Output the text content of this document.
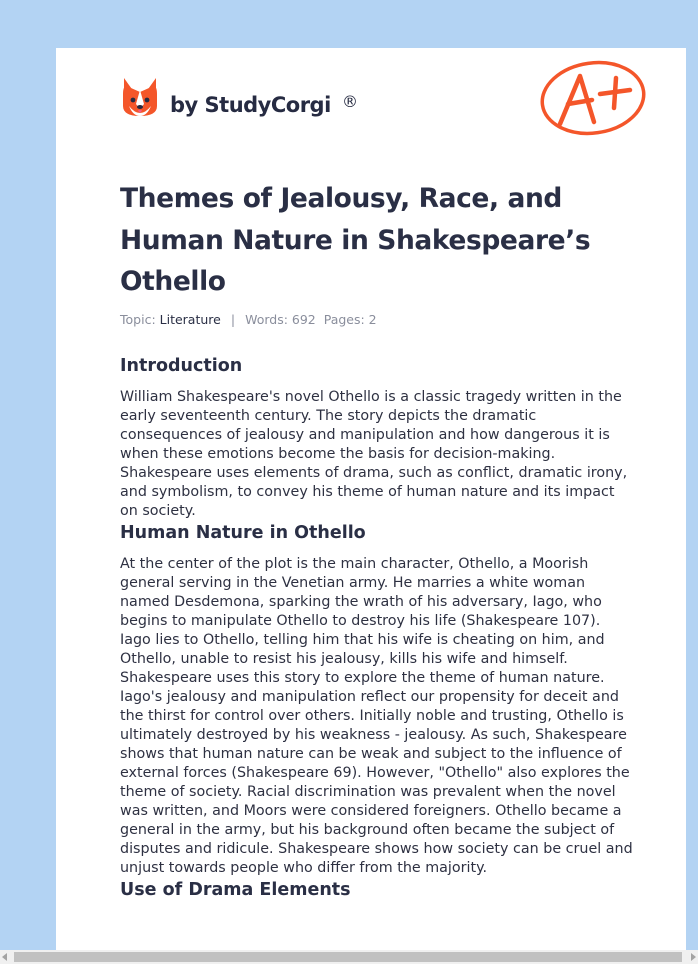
by StudyCorgi ®
Themes of Jealousy, Race, and Human Nature in Shakespeare’s Othello
Topic: Literature | Words: 692 Pages: 2
Introduction

William Shakespeare's novel Othello is a classic tragedy written in the early seventeenth century. The story depicts the dramatic consequences of jealousy and manipulation and how dangerous it is when these emotions become the basis for decision-making. Shakespeare uses elements of drama, such as conflict, dramatic irony, and symbolism, to convey his theme of human nature and its impact on society.

Human Nature in Othello

At the center of the plot is the main character, Othello, a Moorish general serving in the Venetian army. He marries a white woman named Desdemona, sparking the wrath of his adversary, Iago, who begins to manipulate Othello to destroy his life (Shakespeare 107). Iago lies to Othello, telling him that his wife is cheating on him, and Othello, unable to resist his jealousy, kills his wife and himself. Shakespeare uses this story to explore the theme of human nature. Iago's jealousy and manipulation reflect our propensity for deceit and the thirst for control over others. Initially noble and trusting, Othello is ultimately destroyed by his weakness - jealousy. As such, Shakespeare shows that human nature can be weak and subject to the influence of external forces (Shakespeare 69). However, "Othello" also explores the theme of society. Racial discrimination was prevalent when the novel was written, and Moors were considered foreigners. Othello became a general in the army, but his background often became the subject of disputes and ridicule. Shakespeare shows how society can be cruel and unjust towards people who differ from the majority.

Use of Drama Elements
